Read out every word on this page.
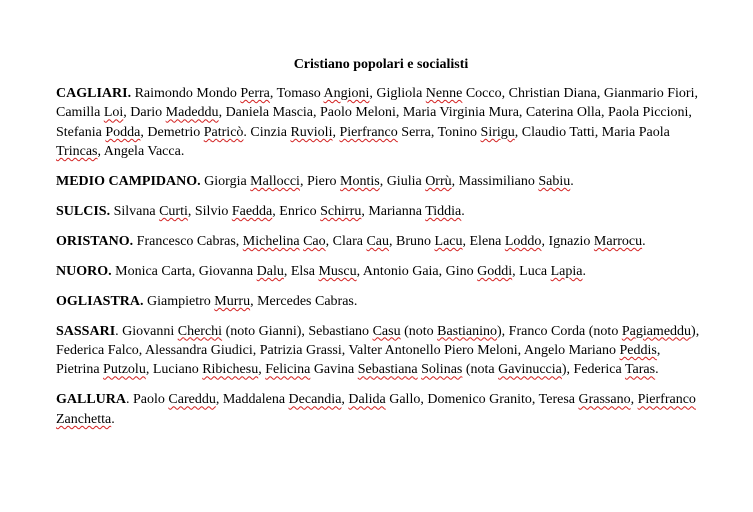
Cristiano popolari e socialisti

CAGLIARI. Raimondo Mondo Perra, Tomaso Angioni, Gigliola Nenne Cocco, Christian Diana, Gianmario Fiori, Camilla Loi, Dario Madeddu, Daniela Mascia, Paolo Meloni, Maria Virginia Mura, Caterina Olla, Paola Piccioni, Stefania Podda, Demetrio Patricò. Cinzia Ruvioli, Pierfranco Serra, Tonino Sirigu, Claudio Tatti, Maria Paola Trincas, Angela Vacca.

MEDIO CAMPIDANO. Giorgia Mallocci, Piero Montis, Giulia Orrù, Massimiliano Sabiu.

SULCIS. Silvana Curti, Silvio Faedda, Enrico Schirru, Marianna Tiddia.

ORISTANO. Francesco Cabras, Michelina Cao, Clara Cau, Bruno Lacu, Elena Loddo, Ignazio Marrocu.

NUORO. Monica Carta, Giovanna Dalu, Elsa Muscu, Antonio Gaia, Gino Goddi, Luca Lapia.

OGLIASTRA. Giampietro Murru, Mercedes Cabras.

SASSARI. Giovanni Cherchi (noto Gianni), Sebastiano Casu (noto Bastianino), Franco Corda (noto Pagiameddu), Federica Falco, Alessandra Giudici, Patrizia Grassi, Valter Antonello Piero Meloni, Angelo Mariano Peddis, Pietrina Putzolu, Luciano Ribichesu, Felicina Gavina Sebastiana Solinas (nota Gavinuccia), Federica Taras.

GALLURA. Paolo Careddu, Maddalena Decandia, Dalida Gallo, Domenico Granito, Teresa Grassano, Pierfranco Zanchetta.
